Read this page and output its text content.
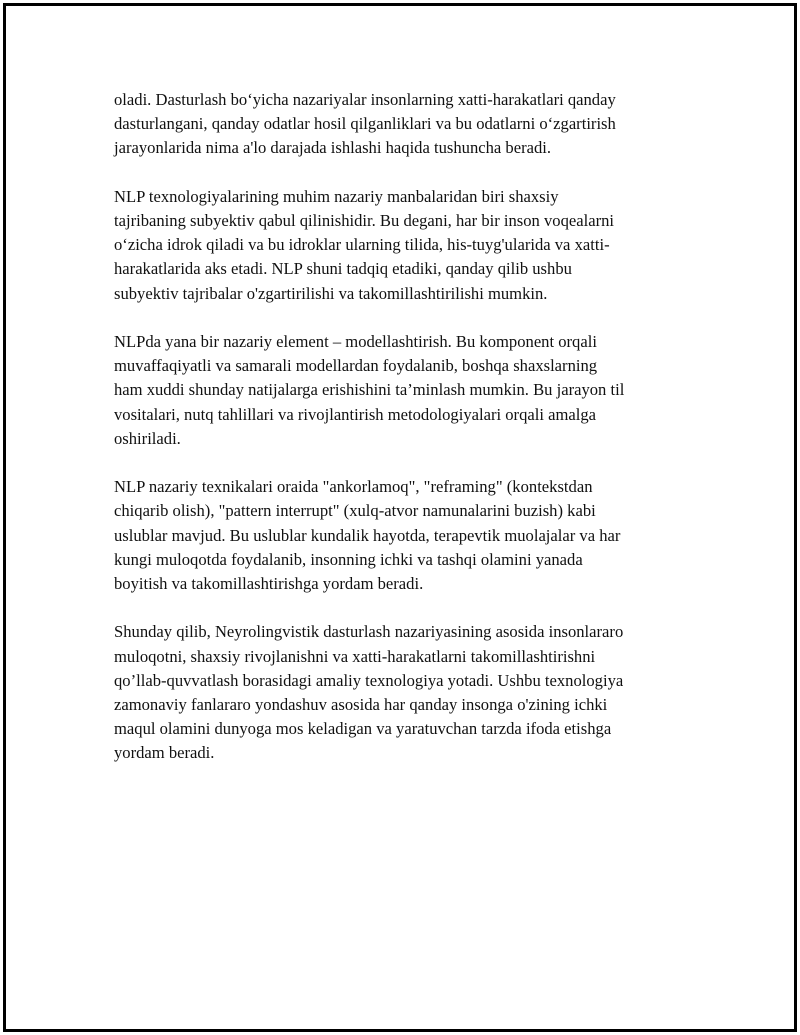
oladi. Dasturlash bo‘yicha nazariyalar insonlarning xatti-harakatlari qanday
dasturlangani, qanday odatlar hosil qilganliklari va bu odatlarni o‘zgartirish
jarayonlarida nima a'lo darajada ishlashi haqida tushuncha beradi.

NLP texnologiyalarining muhim nazariy manbalaridan biri shaxsiy
tajribaning subyektiv qabul qilinishidir. Bu degani, har bir inson voqealarni
o‘zicha idrok qiladi va bu idroklar ularning tilida, his-tuyg'ularida va xatti-
harakatlarida aks etadi. NLP shuni tadqiq etadiki, qanday qilib ushbu
subyektiv tajribalar o'zgartirilishi va takomillashtirilishi mumkin.

NLPda yana bir nazariy element – modellashtirish. Bu komponent orqali
muvaffaqiyatli va samarali modellardan foydalanib, boshqa shaxslarning
ham xuddi shunday natijalarga erishishini ta’minlash mumkin. Bu jarayon til
vositalari, nutq tahlillari va rivojlantirish metodologiyalari orqali amalga
oshiriladi.

NLP nazariy texnikalari oraida "ankorlamoq", "reframing" (kontekstdan
chiqarib olish), "pattern interrupt" (xulq-atvor namunalarini buzish) kabi
uslublar mavjud. Bu uslublar kundalik hayotda, terapevtik muolajalar va har
kungi muloqotda foydalanib, insonning ichki va tashqi olamini yanada
boyitish va takomillashtirishga yordam beradi.

Shunday qilib, Neyrolingvistik dasturlash nazariyasining asosida insonlararo
muloqotni, shaxsiy rivojlanishni va xatti-harakatlarni takomillashtirishni
qo’llab-quvvatlash borasidagi amaliy texnologiya yotadi. Ushbu texnologiya
zamonaviy fanlararo yondashuv asosida har qanday insonga o'zining ichki
maqul olamini dunyoga mos keladigan va yaratuvchan tarzda ifoda etishga
yordam beradi.
